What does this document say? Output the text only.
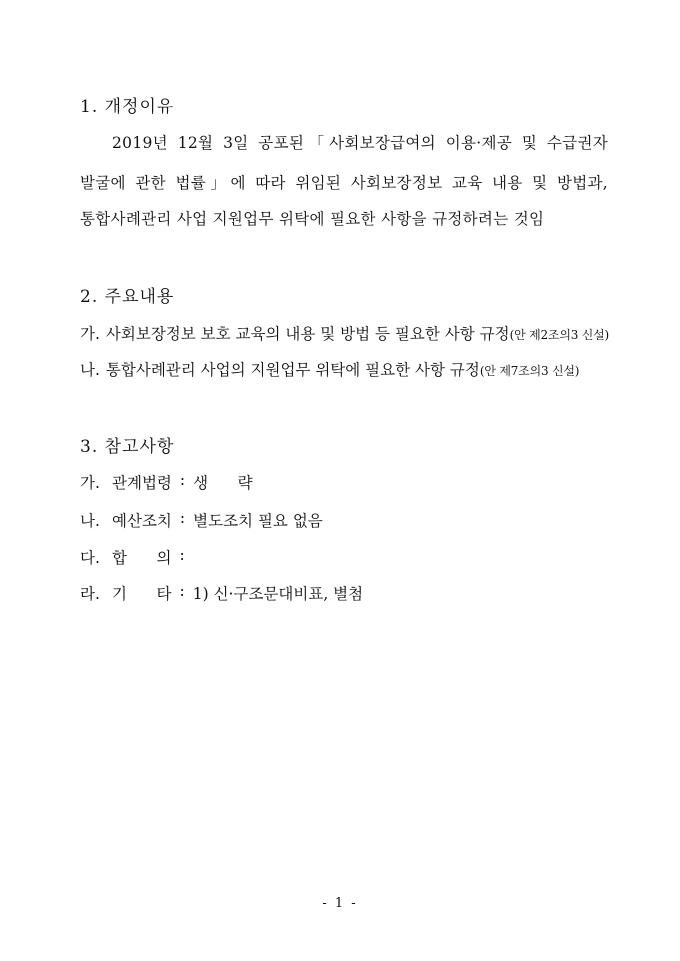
1. 개정이유
2019년 12월 3일 공포된「사회보장급여의 이용·제공 및 수급권자
발굴에 관한 법률」에 따라 위임된 사회보장정보 교육 내용 및 방법과,
통합사례관리 사업 지원업무 위탁에 필요한 사항을 규정하려는 것임
2. 주요내용
가. 사회보장정보 보호 교육의 내용 및 방법 등 필요한 사항 규정(안 제2조의3 신설)
나. 통합사례관리 사업의 지원업무 위탁에 필요한 사항 규정(안 제7조의3 신설)
3. 참고사항
가. 관계법령 : 생      략
나. 예산조치 : 별도조치 필요 없음
다. 합      의 :
라. 기      타 : 1) 신·구조문대비표, 별첨
- 1 -
